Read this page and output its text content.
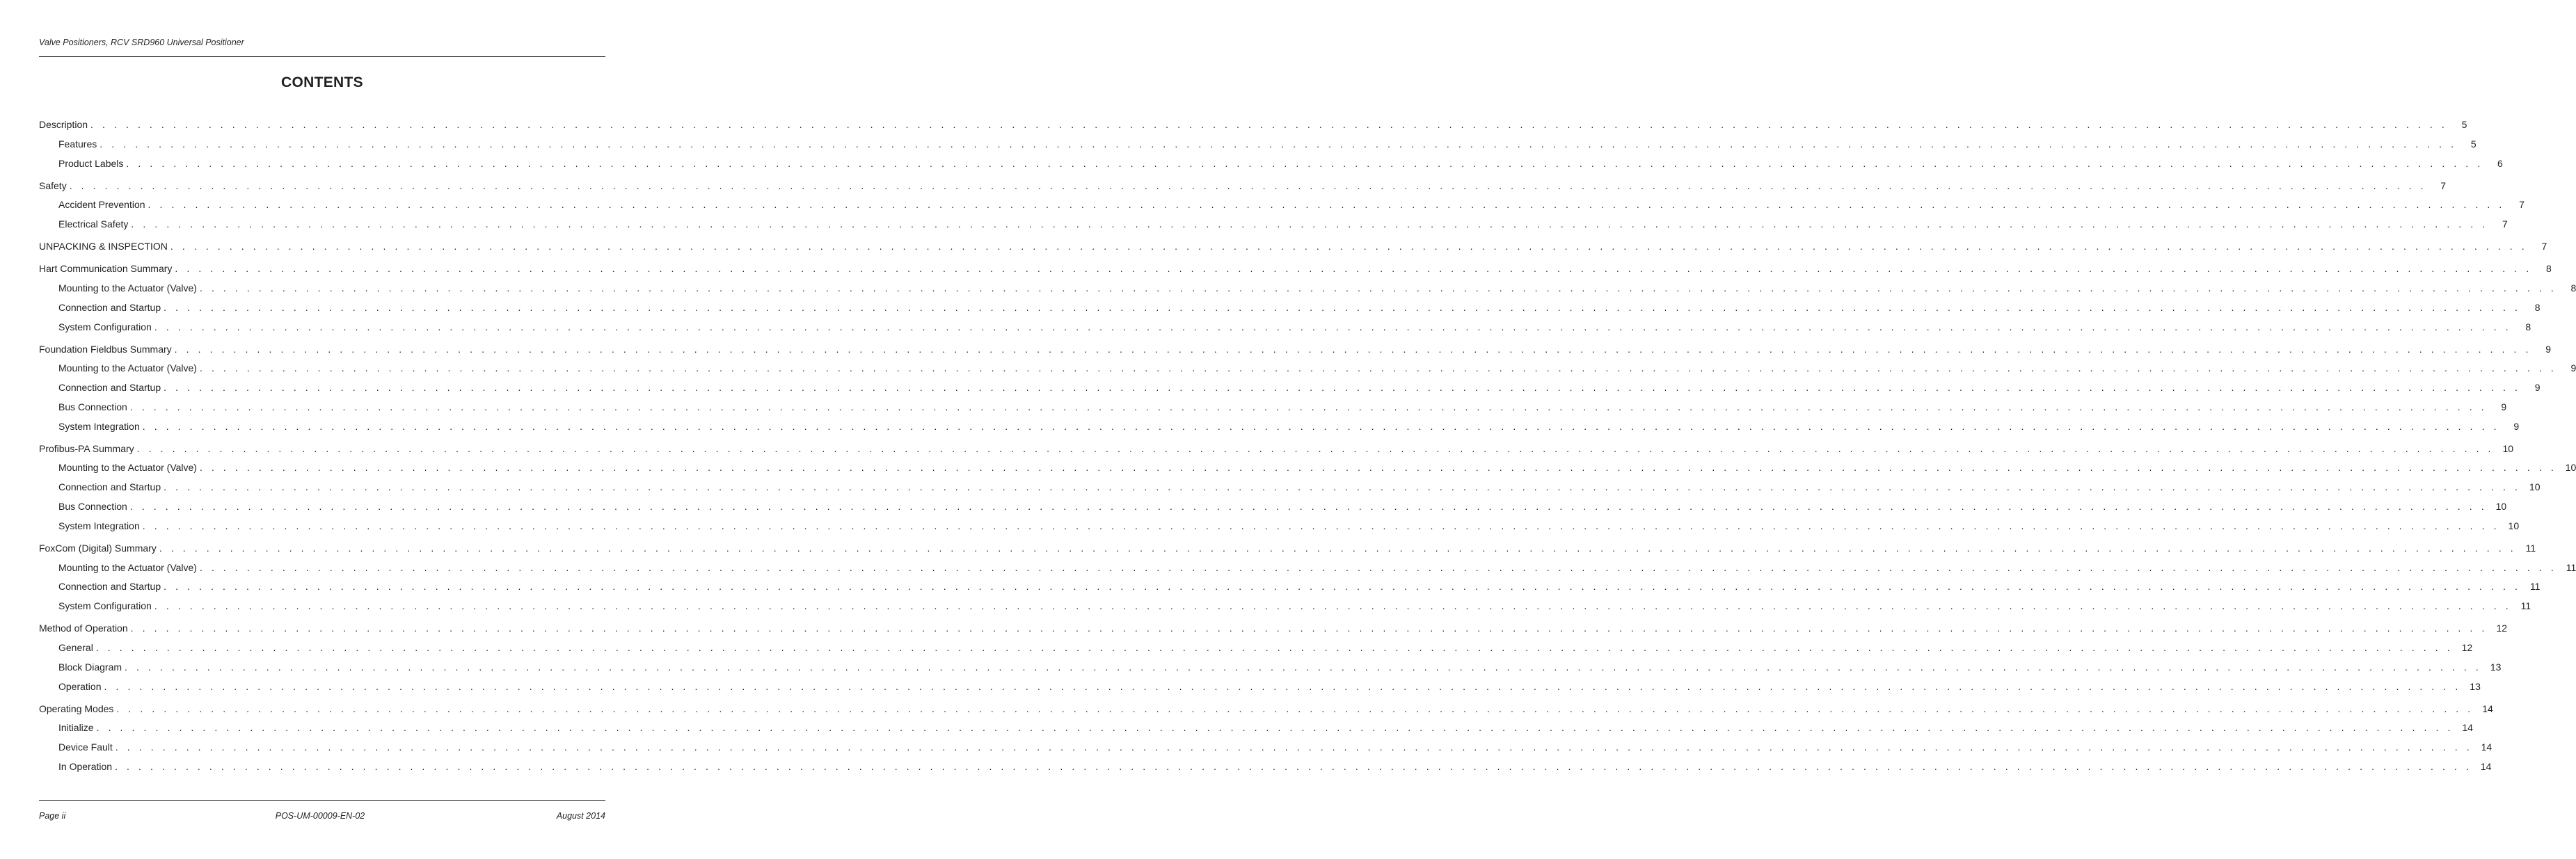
Valve Positioners, RCV SRD960 Universal Positioner
CONTENTS
Description . . . . . . . . . . . . . . . . . . . . . . . . . . . . . . . . . . . . . . . . . . . . . . . . . . . . . . . . . . . . . . . . . . . . . . . . . . . . . . . . . . . . . . . . . . . . . . . . . . . . . . . . . . . . . . . . . . . . . . . . . . . . . . . . . . . . . . . . . . . . . . . . . . . . . . . . . . . . . . . . . . . . . . . . . . . . . . . . . . . . . . . . . . . . . . . . . . . . . . . .	5
Features . . . . . . . . . . . . . . . . . . . . . . . . . . . . . . . . . . . . . . . . . . . . . . . . . . . . . . . . . . . . . . . . . . . . . . . . . . . . . . . . . . . . . . . . . . . . . . . . . . . . . . . . . . . . . . . . . . . . . . . . . . . . . . . . . . . . . . . . . . . . . . . . . . . . . . . . . . . . . . . . . . . . . . . . . . . . . . . . . . . . . . . . . . . . . . . . . . . . . . . .	5
Product Labels . . . . . . . . . . . . . . . . . . . . . . . . . . . . . . . . . . . . . . . . . . . . . . . . . . . . . . . . . . . . . . . . . . . . . . . . . . . . . . . . . . . . . . . . . . . . . . . . . . . . . . . . . . . . . . . . . . . . . . . . . . . . . . . . . . . . . . . . . . . . . . . . . . . . . . . . . . . . . . . . . . . . . . . . . . . . . . . . . . . . . . . . . . . . . . . . . . . . . . . .	6
Safety . . . . . . . . . . . . . . . . . . . . . . . . . . . . . . . . . . . . . . . . . . . . . . . . . . . . . . . . . . . . . . . . . . . . . . . . . . . . . . . . . . . . . . . . . . . . . . . . . . . . . . . . . . . . . . . . . . . . . . . . . . . . . . . . . . . . . . . . . . . . . . . . . . . . . . . . . . . . . . . . . . . . . . . . . . . . . . . . . . . . . . . . . . . . . . . . . . . . . . . .	7
Accident Prevention . . . . . . . . . . . . . . . . . . . . . . . . . . . . . . . . . . . . . . . . . . . . . . . . . . . . . . . . . . . . . . . . . . . . . . . . . . . . . . . . . . . . . . . . . . . . . . . . . . . . . . . . . . . . . . . . . . . . . . . . . . . . . . . . . . . . . . . . . . . . . . . . . . . . . . . . . . . . . . . . . . . . . . . . . . . . . . . . . . . . . . . . . . . . . . . . . . . . . . . .	7
Electrical Safety . . . . . . . . . . . . . . . . . . . . . . . . . . . . . . . . . . . . . . . . . . . . . . . . . . . . . . . . . . . . . . . . . . . . . . . . . . . . . . . . . . . . . . . . . . . . . . . . . . . . . . . . . . . . . . . . . . . . . . . . . . . . . . . . . . . . . . . . . . . . . . . . . . . . . . . . . . . . . . . . . . . . . . . . . . . . . . . . . . . . . . . . . . . . . . . . . . . . . . . .	7
UNPACKING & INSPECTION . . . . . . . . . . . . . . . . . . . . . . . . . . . . . . . . . . . . . . . . . . . . . . . . . . . . . . . . . . . . . . . . . . . . . . . . . . . . . . . . . . . . . . . . . . . . . . . . . . . . . . . . . . . . . . . . . . . . . . . . . . . . . . . . . . . . . . . . . . . . . . . . . . . . . . . . . . . . . . . . . . . . . . . . . . . . . . . . . . . . . . . . . . . . . . . . . . . . . . . .	7
Hart Communication Summary . . . . . . . . . . . . . . . . . . . . . . . . . . . . . . . . . . . . . . . . . . . . . . . . . . . . . . . . . . . . . . . . . . . . . . . . . . . . . . . . . . . . . . . . . . . . . . . . . . . . . . . . . . . . . . . . . . . . . . . . . . . . . . . . . . . . . . . . . . . . . . . . . . . . . . . . . . . . . . . . . . . . . . . . . . . . . . . . . . . . . . . . . . . . . . . . . . . . . . . .	8
Mounting to the Actuator (Valve) . . . . . . . . . . . . . . . . . . . . . . . . . . . . . . . . . . . . . . . . . . . . . . . . . . . . . . . . . . . . . . . . . . . . . . . . . . . . . . . . . . . . . . . . . . . . . . . . . . . . . . . . . . . . . . . . . . . . . . . . . . . . . . . . . . . . . . . . . . . . . . . . . . . . . . . . . . . . . . . . . . . . . . . . . . . . . . . . . . . . . . . . . . . . . . . . . . . . . . . .	8
Connection and Startup . . . . . . . . . . . . . . . . . . . . . . . . . . . . . . . . . . . . . . . . . . . . . . . . . . . . . . . . . . . . . . . . . . . . . . . . . . . . . . . . . . . . . . . . . . . . . . . . . . . . . . . . . . . . . . . . . . . . . . . . . . . . . . . . . . . . . . . . . . . . . . . . . . . . . . . . . . . . . . . . . . . . . . . . . . . . . . . . . . . . . . . . . . . . . . . . . . . . . . . .	8
System Configuration . . . . . . . . . . . . . . . . . . . . . . . . . . . . . . . . . . . . . . . . . . . . . . . . . . . . . . . . . . . . . . . . . . . . . . . . . . . . . . . . . . . . . . . . . . . . . . . . . . . . . . . . . . . . . . . . . . . . . . . . . . . . . . . . . . . . . . . . . . . . . . . . . . . . . . . . . . . . . . . . . . . . . . . . . . . . . . . . . . . . . . . . . . . . . . . . . . . . . . . .	8
Foundation Fieldbus Summary . . . . . . . . . . . . . . . . . . . . . . . . . . . . . . . . . . . . . . . . . . . . . . . . . . . . . . . . . . . . . . . . . . . . . . . . . . . . . . . . . . . . . . . . . . . . . . . . . . . . . . . . . . . . . . . . . . . . . . . . . . . . . . . . . . . . . . . . . . . . . . . . . . . . . . . . . . . . . . . . . . . . . . . . . . . . . . . . . . . . . . . . . . . . . . . . . . . . . . . .	9
Mounting to the Actuator (Valve) . . . . . . . . . . . . . . . . . . . . . . . . . . . . . . . . . . . . . . . . . . . . . . . . . . . . . . . . . . . . . . . . . . . . . . . . . . . . . . . . . . . . . . . . . . . . . . . . . . . . . . . . . . . . . . . . . . . . . . . . . . . . . . . . . . . . . . . . . . . . . . . . . . . . . . . . . . . . . . . . . . . . . . . . . . . . . . . . . . . . . . . . . . . . . . . . . . . . . . . .	9
Connection and Startup . . . . . . . . . . . . . . . . . . . . . . . . . . . . . . . . . . . . . . . . . . . . . . . . . . . . . . . . . . . . . . . . . . . . . . . . . . . . . . . . . . . . . . . . . . . . . . . . . . . . . . . . . . . . . . . . . . . . . . . . . . . . . . . . . . . . . . . . . . . . . . . . . . . . . . . . . . . . . . . . . . . . . . . . . . . . . . . . . . . . . . . . . . . . . . . . . . . . . . . .	9
Bus Connection . . . . . . . . . . . . . . . . . . . . . . . . . . . . . . . . . . . . . . . . . . . . . . . . . . . . . . . . . . . . . . . . . . . . . . . . . . . . . . . . . . . . . . . . . . . . . . . . . . . . . . . . . . . . . . . . . . . . . . . . . . . . . . . . . . . . . . . . . . . . . . . . . . . . . . . . . . . . . . . . . . . . . . . . . . . . . . . . . . . . . . . . . . . . . . . . . . . . . . . .	9
System Integration . . . . . . . . . . . . . . . . . . . . . . . . . . . . . . . . . . . . . . . . . . . . . . . . . . . . . . . . . . . . . . . . . . . . . . . . . . . . . . . . . . . . . . . . . . . . . . . . . . . . . . . . . . . . . . . . . . . . . . . . . . . . . . . . . . . . . . . . . . . . . . . . . . . . . . . . . . . . . . . . . . . . . . . . . . . . . . . . . . . . . . . . . . . . . . . . . . . . . . . .	9
Profibus-PA Summary . . . . . . . . . . . . . . . . . . . . . . . . . . . . . . . . . . . . . . . . . . . . . . . . . . . . . . . . . . . . . . . . . . . . . . . . . . . . . . . . . . . . . . . . . . . . . . . . . . . . . . . . . . . . . . . . . . . . . . . . . . . . . . . . . . . . . . . . . . . . . . . . . . . . . . . . . . . . . . . . . . . . . . . . . . . . . . . . . . . . . . . . . . . . . . . . . . . . . . . . 10
Mounting to the Actuator (Valve) . . . . . . . . . . . . . . . . . . . . . . . . . . . . . . . . . . . . . . . . . . . . . . . . . . . . . . . . . . . . . . . . . . . . . . . . . . . . . . . . . . . . . . . . . . . . . . . . . . . . . . . . . . . . . . . . . . . . . . . . . . . . . . . . . . . . . . . . . . . . . . . . . . . . . . . . . . . . . . . . . . . . . . . . . . . . . . . . . . . . . . . . . . . . . . . . . . . . . . . . 10
Connection and Startup . . . . . . . . . . . . . . . . . . . . . . . . . . . . . . . . . . . . . . . . . . . . . . . . . . . . . . . . . . . . . . . . . . . . . . . . . . . . . . . . . . . . . . . . . . . . . . . . . . . . . . . . . . . . . . . . . . . . . . . . . . . . . . . . . . . . . . . . . . . . . . . . . . . . . . . . . . . . . . . . . . . . . . . . . . . . . . . . . . . . . . . . . . . . . . . . . . . . . . . . 10
Bus Connection . . . . . . . . . . . . . . . . . . . . . . . . . . . . . . . . . . . . . . . . . . . . . . . . . . . . . . . . . . . . . . . . . . . . . . . . . . . . . . . . . . . . . . . . . . . . . . . . . . . . . . . . . . . . . . . . . . . . . . . . . . . . . . . . . . . . . . . . . . . . . . . . . . . . . . . . . . . . . . . . . . . . . . . . . . . . . . . . . . . . . . . . . . . . . . . . . . . . . . . . 10
System Integration . . . . . . . . . . . . . . . . . . . . . . . . . . . . . . . . . . . . . . . . . . . . . . . . . . . . . . . . . . . . . . . . . . . . . . . . . . . . . . . . . . . . . . . . . . . . . . . . . . . . . . . . . . . . . . . . . . . . . . . . . . . . . . . . . . . . . . . . . . . . . . . . . . . . . . . . . . . . . . . . . . . . . . . . . . . . . . . . . . . . . . . . . . . . . . . . . . . . . . . . 10
FoxCom (Digital) Summary . . . . . . . . . . . . . . . . . . . . . . . . . . . . . . . . . . . . . . . . . . . . . . . . . . . . . . . . . . . . . . . . . . . . . . . . . . . . . . . . . . . . . . . . . . . . . . . . . . . . . . . . . . . . . . . . . . . . . . . . . . . . . . . . . . . . . . . . . . . . . . . . . . . . . . . . . . . . . . . . . . . . . . . . . . . . . . . . . . . . . . . . . . . . . . . . . . . . . . . . 11
Mounting to the Actuator (Valve) . . . . . . . . . . . . . . . . . . . . . . . . . . . . . . . . . . . . . . . . . . . . . . . . . . . . . . . . . . . . . . . . . . . . . . . . . . . . . . . . . . . . . . . . . . . . . . . . . . . . . . . . . . . . . . . . . . . . . . . . . . . . . . . . . . . . . . . . . . . . . . . . . . . . . . . . . . . . . . . . . . . . . . . . . . . . . . . . . . . . . . . . . . . . . . . . . . . . . . . . 11
Connection and Startup . . . . . . . . . . . . . . . . . . . . . . . . . . . . . . . . . . . . . . . . . . . . . . . . . . . . . . . . . . . . . . . . . . . . . . . . . . . . . . . . . . . . . . . . . . . . . . . . . . . . . . . . . . . . . . . . . . . . . . . . . . . . . . . . . . . . . . . . . . . . . . . . . . . . . . . . . . . . . . . . . . . . . . . . . . . . . . . . . . . . . . . . . . . . . . . . . . . . . . . . 11
System Configuration . . . . . . . . . . . . . . . . . . . . . . . . . . . . . . . . . . . . . . . . . . . . . . . . . . . . . . . . . . . . . . . . . . . . . . . . . . . . . . . . . . . . . . . . . . . . . . . . . . . . . . . . . . . . . . . . . . . . . . . . . . . . . . . . . . . . . . . . . . . . . . . . . . . . . . . . . . . . . . . . . . . . . . . . . . . . . . . . . . . . . . . . . . . . . . . . . . . . . . . . 11
Method of Operation . . . . . . . . . . . . . . . . . . . . . . . . . . . . . . . . . . . . . . . . . . . . . . . . . . . . . . . . . . . . . . . . . . . . . . . . . . . . . . . . . . . . . . . . . . . . . . . . . . . . . . . . . . . . . . . . . . . . . . . . . . . . . . . . . . . . . . . . . . . . . . . . . . . . . . . . . . . . . . . . . . . . . . . . . . . . . . . . . . . . . . . . . . . . . . . . . . . . . . . . 12
General . . . . . . . . . . . . . . . . . . . . . . . . . . . . . . . . . . . . . . . . . . . . . . . . . . . . . . . . . . . . . . . . . . . . . . . . . . . . . . . . . . . . . . . . . . . . . . . . . . . . . . . . . . . . . . . . . . . . . . . . . . . . . . . . . . . . . . . . . . . . . . . . . . . . . . . . . . . . . . . . . . . . . . . . . . . . . . . . . . . . . . . . . . . . . . . . . . . . . . . . 12
Block Diagram . . . . . . . . . . . . . . . . . . . . . . . . . . . . . . . . . . . . . . . . . . . . . . . . . . . . . . . . . . . . . . . . . . . . . . . . . . . . . . . . . . . . . . . . . . . . . . . . . . . . . . . . . . . . . . . . . . . . . . . . . . . . . . . . . . . . . . . . . . . . . . . . . . . . . . . . . . . . . . . . . . . . . . . . . . . . . . . . . . . . . . . . . . . . . . . . . . . . . . . . 13
Operation . . . . . . . . . . . . . . . . . . . . . . . . . . . . . . . . . . . . . . . . . . . . . . . . . . . . . . . . . . . . . . . . . . . . . . . . . . . . . . . . . . . . . . . . . . . . . . . . . . . . . . . . . . . . . . . . . . . . . . . . . . . . . . . . . . . . . . . . . . . . . . . . . . . . . . . . . . . . . . . . . . . . . . . . . . . . . . . . . . . . . . . . . . . . . . . . . . . . . . . . 13
Operating Modes . . . . . . . . . . . . . . . . . . . . . . . . . . . . . . . . . . . . . . . . . . . . . . . . . . . . . . . . . . . . . . . . . . . . . . . . . . . . . . . . . . . . . . . . . . . . . . . . . . . . . . . . . . . . . . . . . . . . . . . . . . . . . . . . . . . . . . . . . . . . . . . . . . . . . . . . . . . . . . . . . . . . . . . . . . . . . . . . . . . . . . . . . . . . . . . . . . . . . . . . 14
Initialize . . . . . . . . . . . . . . . . . . . . . . . . . . . . . . . . . . . . . . . . . . . . . . . . . . . . . . . . . . . . . . . . . . . . . . . . . . . . . . . . . . . . . . . . . . . . . . . . . . . . . . . . . . . . . . . . . . . . . . . . . . . . . . . . . . . . . . . . . . . . . . . . . . . . . . . . . . . . . . . . . . . . . . . . . . . . . . . . . . . . . . . . . . . . . . . . . . . . . . . . 14
Device Fault . . . . . . . . . . . . . . . . . . . . . . . . . . . . . . . . . . . . . . . . . . . . . . . . . . . . . . . . . . . . . . . . . . . . . . . . . . . . . . . . . . . . . . . . . . . . . . . . . . . . . . . . . . . . . . . . . . . . . . . . . . . . . . . . . . . . . . . . . . . . . . . . . . . . . . . . . . . . . . . . . . . . . . . . . . . . . . . . . . . . . . . . . . . . . . . . . . . . . . . . 14
In Operation . . . . . . . . . . . . . . . . . . . . . . . . . . . . . . . . . . . . . . . . . . . . . . . . . . . . . . . . . . . . . . . . . . . . . . . . . . . . . . . . . . . . . . . . . . . . . . . . . . . . . . . . . . . . . . . . . . . . . . . . . . . . . . . . . . . . . . . . . . . . . . . . . . . . . . . . . . . . . . . . . . . . . . . . . . . . . . . . . . . . . . . . . . . . . . . . . . . . . . . . 14
Page ii	POS-UM-00009-EN-02	August 2014
